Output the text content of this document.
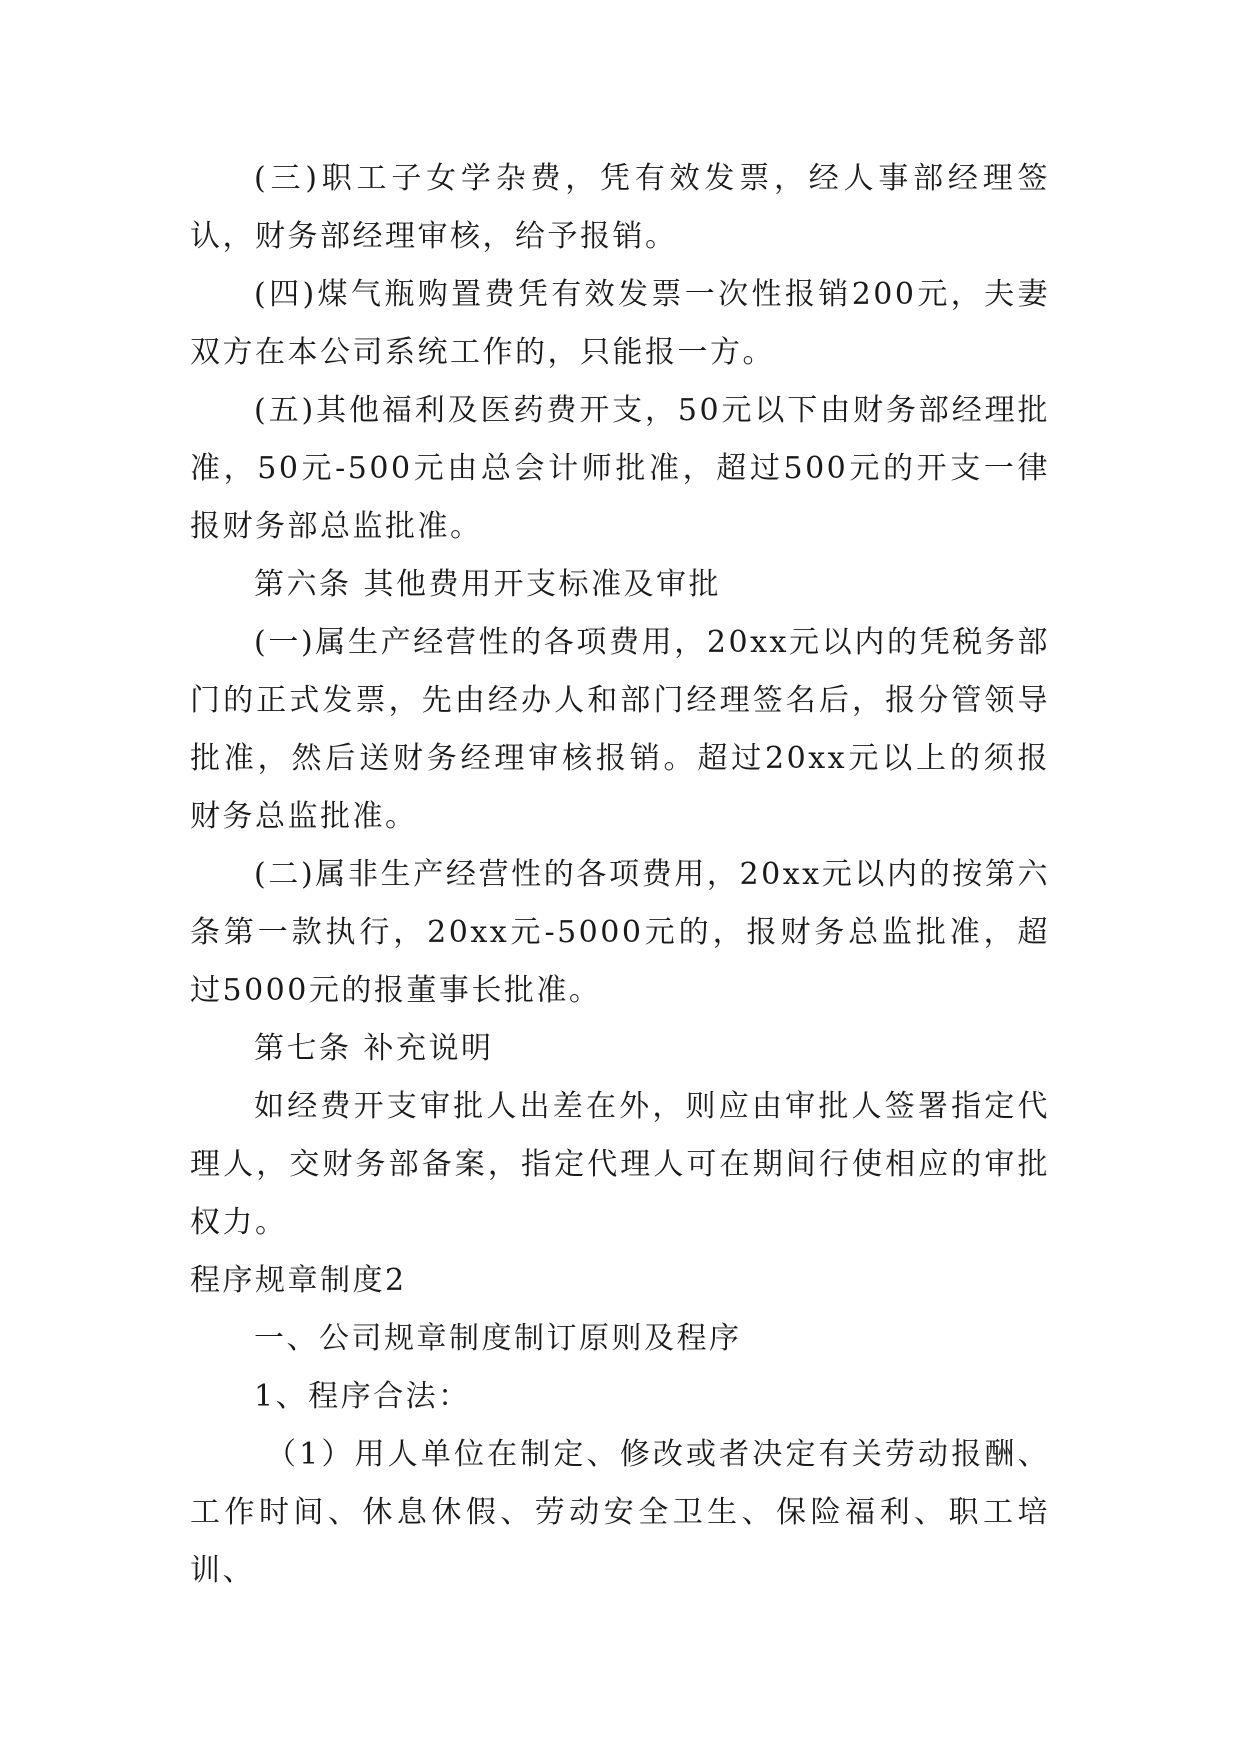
(三)职工子女学杂费，凭有效发票，经人事部经理签认，财务部经理审核，给予报销。

(四)煤气瓶购置费凭有效发票一次性报销200元，夫妻双方在本公司系统工作的，只能报一方。

(五)其他福利及医药费开支，50元以下由财务部经理批准，50元-500元由总会计师批准，超过500元的开支一律报财务部总监批准。

第六条 其他费用开支标准及审批

(一)属生产经营性的各项费用，20xx元以内的凭税务部门的正式发票，先由经办人和部门经理签名后，报分管领导批准，然后送财务经理审核报销。超过20xx元以上的须报财务总监批准。

(二)属非生产经营性的各项费用，20xx元以内的按第六条第一款执行，20xx元-5000元的，报财务总监批准，超过5000元的报董事长批准。

第七条 补充说明

如经费开支审批人出差在外，则应由审批人签署指定代理人，交财务部备案，指定代理人可在期间行使相应的审批权力。

程序规章制度2

一、公司规章制度制订原则及程序

1、程序合法：

（1）用人单位在制定、修改或者决定有关劳动报酬、工作时间、休息休假、劳动安全卫生、保险福利、职工培训、
